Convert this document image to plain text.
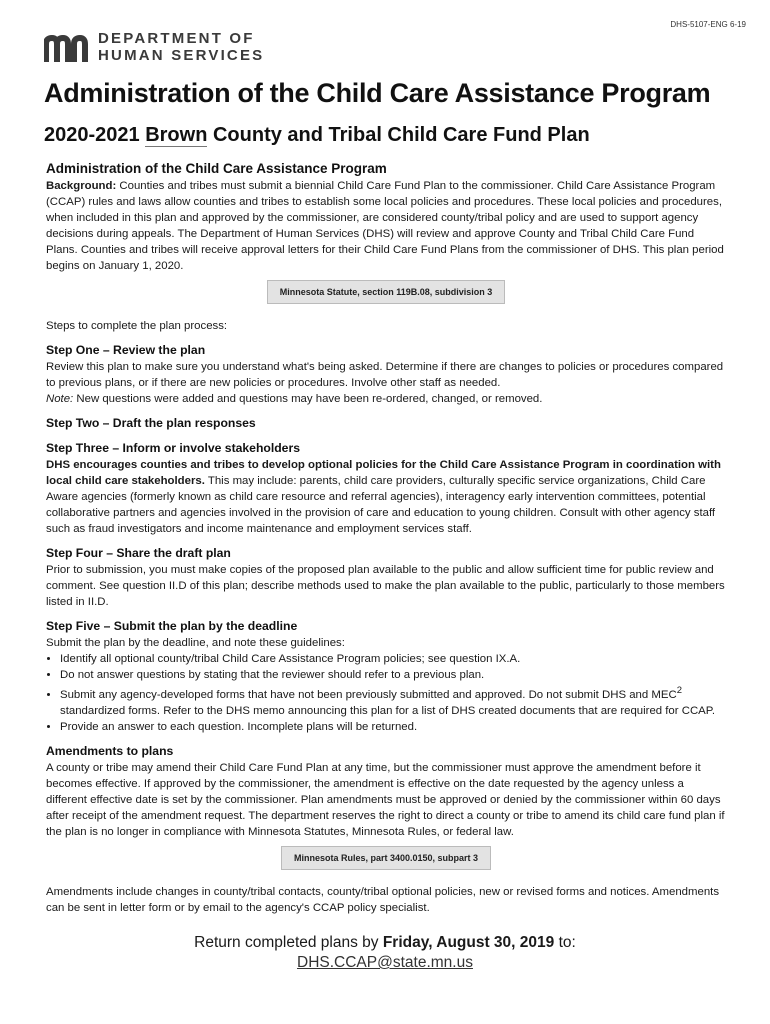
DHS-5107-ENG 6-19
DEPARTMENT OF
HUMAN SERVICES
Administration of the Child Care Assistance Program
2020-2021 Brown County and Tribal Child Care Fund Plan
Administration of the Child Care Assistance Program

Background: Counties and tribes must submit a biennial Child Care Fund Plan to the commissioner. Child Care Assistance Program (CCAP) rules and laws allow counties and tribes to establish some local policies and procedures. These local policies and procedures, when included in this plan and approved by the commissioner, are considered county/tribal policy and are used to support agency decisions during appeals. The Department of Human Services (DHS) will review and approve County and Tribal Child Care Fund Plans. Counties and tribes will receive approval letters for their Child Care Fund Plans from the commissioner of DHS. This plan period begins on January 1, 2020.

Minnesota Statute, section 119B.08, subdivision 3

Steps to complete the plan process:

Step One – Review the plan

Review this plan to make sure you understand what's being asked. Determine if there are changes to policies or procedures compared to previous plans, or if there are new policies or procedures. Involve other staff as needed.

Note: New questions were added and questions may have been re-ordered, changed, or removed.

Step Two – Draft the plan responses
Step Three – Inform or involve stakeholders

DHS encourages counties and tribes to develop optional policies for the Child Care Assistance Program in coordination with local child care stakeholders. This may include: parents, child care providers, culturally specific service organizations, Child Care Aware agencies (formerly known as child care resource and referral agencies), interagency early intervention committees, potential collaborative partners and agencies involved in the provision of care and education to young children. Consult with other agency staff such as fraud investigators and income maintenance and employment services staff.

Step Four – Share the draft plan

Prior to submission, you must make copies of the proposed plan available to the public and allow sufficient time for public review and comment. See question II.D of this plan; describe methods used to make the plan available to the public, particularly to those members listed in II.D.

Step Five – Submit the plan by the deadline

Submit the plan by the deadline, and note these guidelines:

• Identify all optional county/tribal Child Care Assistance Program policies; see question IX.A.
• Do not answer questions by stating that the reviewer should refer to a previous plan.
• Submit any agency-developed forms that have not been previously submitted and approved. Do not submit DHS and MEC$^2$ standardized forms. Refer to the DHS memo announcing this plan for a list of DHS created documents that are required for CCAP.
• Provide an answer to each question. Incomplete plans will be returned.
Amendments to plans

A county or tribe may amend their Child Care Fund Plan at any time, but the commissioner must approve the amendment before it becomes effective. If approved by the commissioner, the amendment is effective on the date requested by the agency unless a different effective date is set by the commissioner. Plan amendments must be approved or denied by the commissioner within 60 days after receipt of the amendment request. The department reserves the right to direct a county or tribe to amend its child care fund plan if the plan is no longer in compliance with Minnesota Statutes, Minnesota Rules, or federal law.

Minnesota Rules, part 3400.0150, subpart 3

Amendments include changes in county/tribal contacts, county/tribal optional policies, new or revised forms and notices. Amendments can be sent in letter form or by email to the agency's CCAP policy specialist.

Return completed plans by Friday, August 30, 2019 to:
DHS.CCAP@state.mn.us
